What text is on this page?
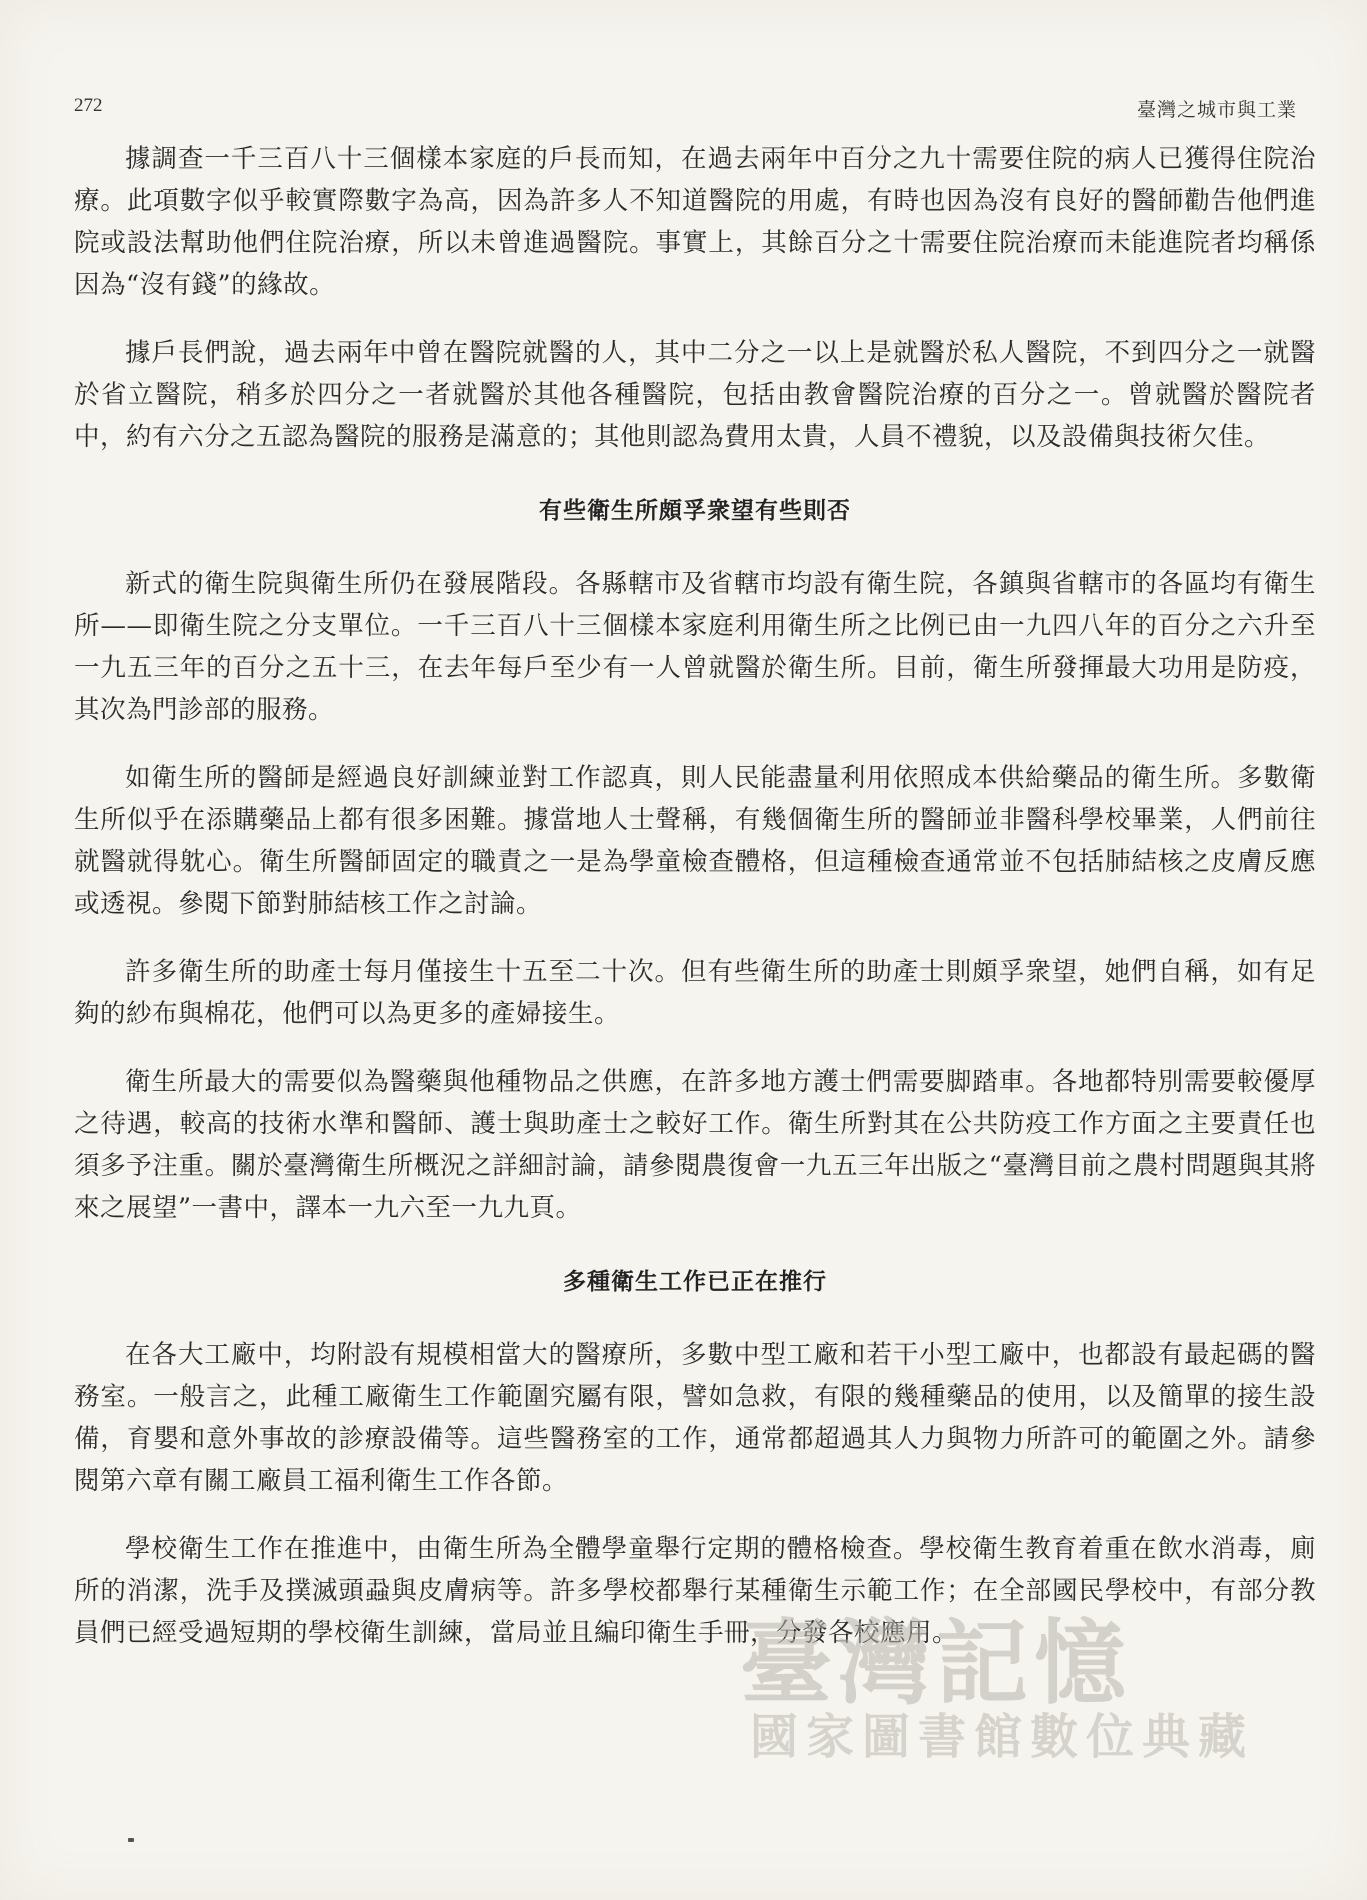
272	臺灣之城市與工業

據調查一千三百八十三個樣本家庭的戶長而知，在過去兩年中百分之九十需要住院的病人已獲得住院治療。此項數字似乎較實際數字為高，因為許多人不知道醫院的用處，有時也因為沒有良好的醫師勸告他們進院或設法幫助他們住院治療，所以未曾進過醫院。事實上，其餘百分之十需要住院治療而未能進院者均稱係因為“沒有錢”的緣故。

據戶長們說，過去兩年中曾在醫院就醫的人，其中二分之一以上是就醫於私人醫院，不到四分之一就醫於省立醫院，稍多於四分之一者就醫於其他各種醫院，包括由教會醫院治療的百分之一。曾就醫於醫院者中，約有六分之五認為醫院的服務是滿意的；其他則認為費用太貴，人員不禮貌，以及設備與技術欠佳。

有些衛生所頗孚衆望有些則否

新式的衛生院與衛生所仍在發展階段。各縣轄市及省轄市均設有衛生院，各鎮與省轄市的各區均有衛生所——即衛生院之分支單位。一千三百八十三個樣本家庭利用衛生所之比例已由一九四八年的百分之六升至一九五三年的百分之五十三，在去年每戶至少有一人曾就醫於衛生所。目前，衛生所發揮最大功用是防疫，其次為門診部的服務。

如衛生所的醫師是經過良好訓練並對工作認真，則人民能盡量利用依照成本供給藥品的衛生所。多數衛生所似乎在添購藥品上都有很多困難。據當地人士聲稱，有幾個衛生所的醫師並非醫科學校畢業，人們前往就醫就得躭心。衛生所醫師固定的職責之一是為學童檢查體格，但這種檢查通常並不包括肺結核之皮膚反應或透視。參閱下節對肺結核工作之討論。

許多衛生所的助產士每月僅接生十五至二十次。但有些衛生所的助產士則頗孚衆望，她們自稱，如有足夠的紗布與棉花，他們可以為更多的產婦接生。

衛生所最大的需要似為醫藥與他種物品之供應，在許多地方護士們需要脚踏車。各地都特別需要較優厚之待遇，較高的技術水準和醫師、護士與助產士之較好工作。衛生所對其在公共防疫工作方面之主要責任也須多予注重。關於臺灣衛生所概況之詳細討論，請參閱農復會一九五三年出版之“臺灣目前之農村問題與其將來之展望”一書中，譯本一九六至一九九頁。

多種衛生工作已正在推行

在各大工廠中，均附設有規模相當大的醫療所，多數中型工廠和若干小型工廠中，也都設有最起碼的醫務室。一般言之，此種工廠衛生工作範圍究屬有限，譬如急救，有限的幾種藥品的使用，以及簡單的接生設備，育嬰和意外事故的診療設備等。這些醫務室的工作，通常都超過其人力與物力所許可的範圍之外。請參閱第六章有關工廠員工福利衛生工作各節。

學校衛生工作在推進中，由衛生所為全體學童舉行定期的體格檢查。學校衛生教育着重在飲水消毒，廁所的消潔，洗手及撲滅頭蝨與皮膚病等。許多學校都舉行某種衛生示範工作；在全部國民學校中，有部分教員們已經受過短期的學校衛生訓練，當局並且編印衛生手冊，分發各校應用。

臺灣記憶
國家圖書館數位典藏
